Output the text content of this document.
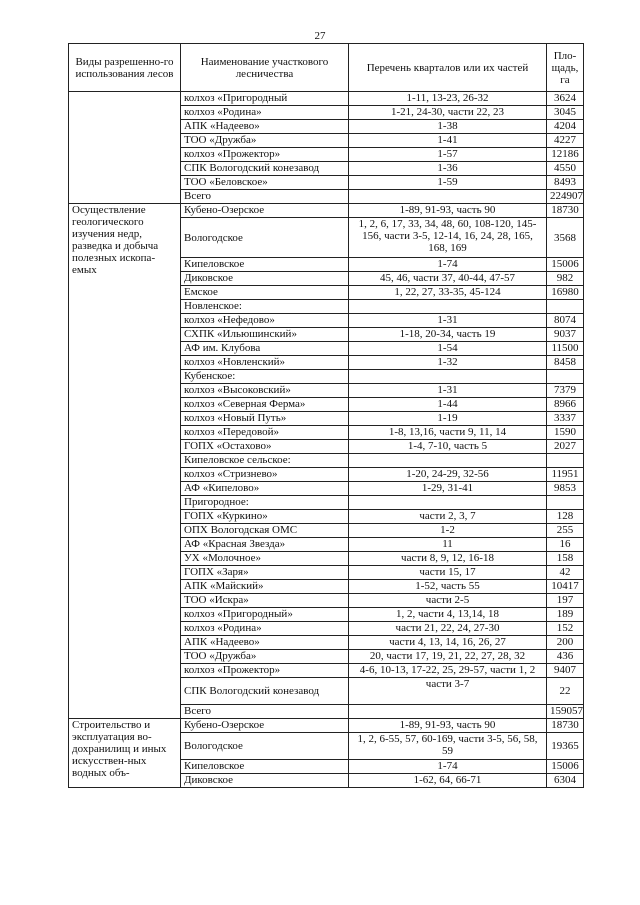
27
Виды разрешенно-го использования лесов	Наименование участкового лесничества	Перечень кварталов или их частей	Пло-щадь, га
	колхоз «Пригородный	1-11, 13-23, 26-32	3624
	колхоз «Родина»	1-21, 24-30, части 22, 23	3045
	АПК «Надеево»	1-38	4204
	ТОО «Дружба»	1-41	4227
	колхоз «Прожектор»	1-57	12186
	СПК Вологодский конезавод	1-36	4550
	ТОО «Беловское»	1-59	8493
	Всего		224907
Осуществление геологического изучения недр, разведка и добыча полезных ископа-емых	Кубено-Озерское	1-89, 91-93, часть 90	18730
	Вологодское	1, 2, 6, 17, 33, 34, 48, 60, 108-120, 145-156, части 3-5, 12-14, 16, 24, 28, 165, 168, 169	3568
	Кипеловское	1-74	15006
	Диковское	45, 46, части 37, 40-44, 47-57	982
	Емское	1, 22, 27, 33-35, 45-124	16980
	Новленское:		
	колхоз «Нефедово»	1-31	8074
	СХПК «Ильюшинский»	1-18, 20-34, часть 19	9037
	АФ им. Клубова	1-54	11500
	колхоз «Новленский»	1-32	8458
	Кубенское:		
	колхоз «Высоковский»	1-31	7379
	колхоз «Северная Ферма»	1-44	8966
	колхоз «Новый Путь»	1-19	3337
	колхоз «Передовой»	1-8, 13,16, части 9, 11, 14	1590
	ГОПХ «Остахово»	1-4, 7-10, часть 5	2027
	Кипеловское сельское:		
	колхоз «Стризнево»	1-20, 24-29, 32-56	11951
	АФ «Кипелово»	1-29, 31-41	9853
	Пригородное:		
	ГОПХ «Куркино»	части 2, 3, 7	128
	ОПХ Вологодская ОМС	1-2	255
	АФ «Красная Звезда»	11	16
	УХ «Молочное»	части 8, 9, 12, 16-18	158
	ГОПХ «Заря»	части 15, 17	42
	АПК «Майский»	1-52, часть 55	10417
	ТОО «Искра»	части 2-5	197
	колхоз «Пригородный»	1, 2, части 4, 13,14, 18	189
	колхоз «Родина»	части 21, 22, 24, 27-30	152
	АПК «Надеево»	части 4, 13, 14, 16, 26, 27	200
	ТОО «Дружба»	20, части 17, 19, 21, 22, 27, 28, 32	436
	колхоз «Прожектор»	4-6, 10-13, 17-22, 25, 29-57, части 1, 2	9407
	СПК Вологодский конезавод	части 3-7	22
	Всего		159057
Строительство и эксплуатация во-дохранилищ и иных искусствен-ных водных объ-	Кубено-Озерское	1-89, 91-93, часть 90	18730
	Вологодское	1, 2, 6-55, 57, 60-169, части 3-5, 56, 58, 59	19365
	Кипеловское	1-74	15006
	Диковское	1-62, 64, 66-71	6304
